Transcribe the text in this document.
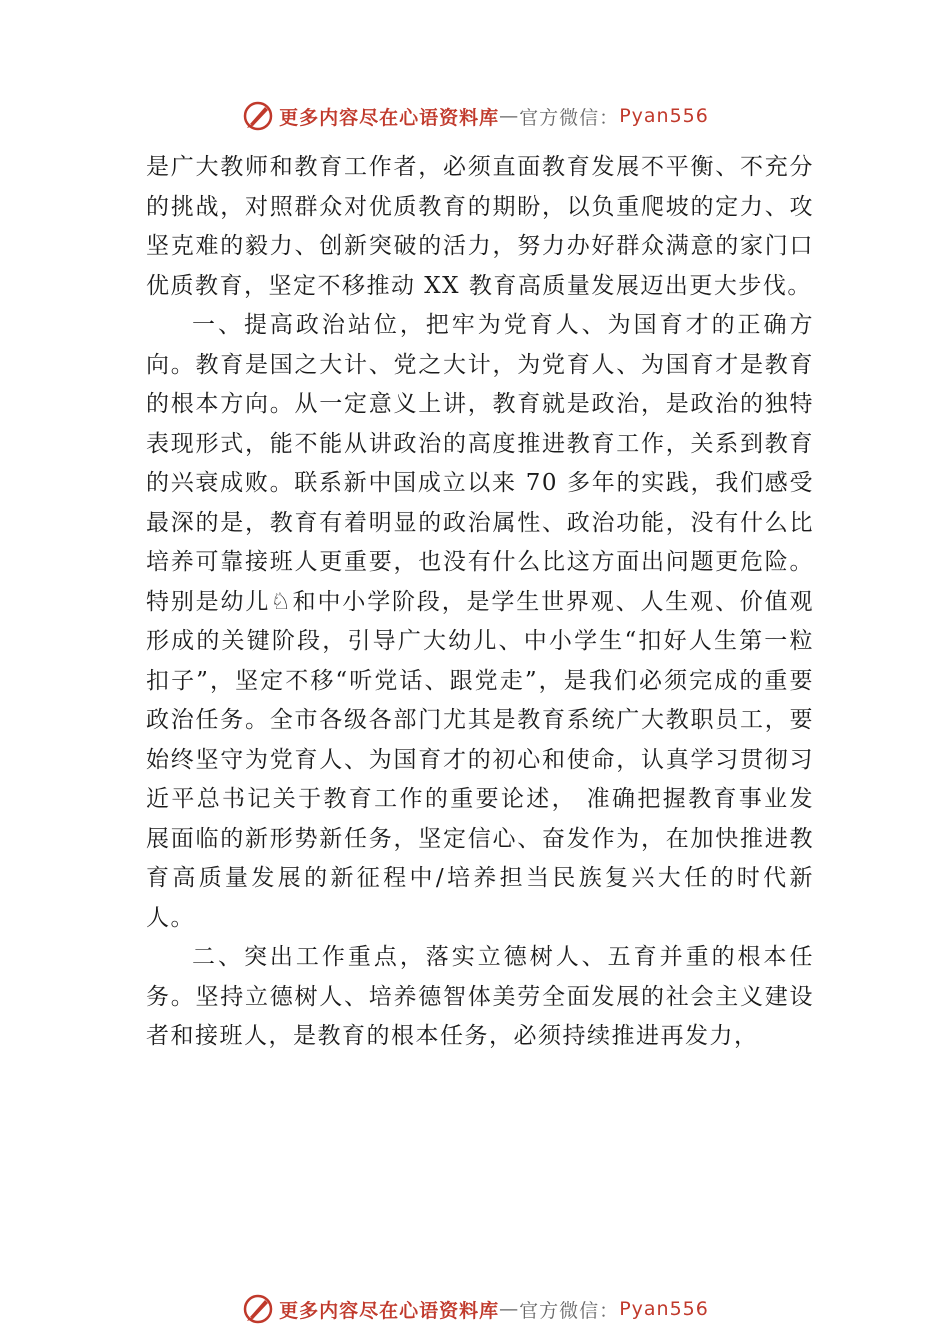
更多内容尽在心语资料库 — 官方微信： Pyan556

是广大教师和教育工作者，必须直面教育发展不平衡、不充分的挑战，对照群众对优质教育的期盼，以负重爬坡的定力、攻坚克难的毅力、创新突破的活力，努力办好群众满意的家门口优质教育，坚定不移推动 XX 教育高质量发展迈出更大步伐。

一、提高政治站位，把牢为党育人、为国育才的正确方向。教育是国之大计、党之大计，为党育人、为国育才是教育的根本方向。从一定意义上讲，教育就是政治，是政治的独特表现形式，能不能从讲政治的高度推进教育工作，关系到教育的兴衰成败。联系新中国成立以来 70 多年的实践，我们感受最深的是，教育有着明显的政治属性、政治功能，没有什么比培养可靠接班人更重要，也没有什么比这方面出问题更危险。特别是幼儿♘和中小学阶段，是学生世界观、人生观、价值观形成的关键阶段，引导广大幼儿、中小学生“扣好人生第一粒扣子”，坚定不移“听党话、跟党走”，是我们必须完成的重要政治任务。全市各级各部门尤其是教育系统广大教职员工，要始终坚守为党育人、为国育才的初心和使命，认真学习贯彻习近平总书记关于教育工作的重要论述， 准确把握教育事业发展面临的新形势新任务，坚定信心、奋发作为，在加快推进教育高质量发展的新征程中/培养担当民族复兴大任的时代新人。

二、突出工作重点，落实立德树人、五育并重的根本任务。坚持立德树人、培养德智体美劳全面发展的社会主义建设者和接班人，是教育的根本任务，必须持续推进再发力，

更多内容尽在心语资料库 — 官方微信： Pyan556
